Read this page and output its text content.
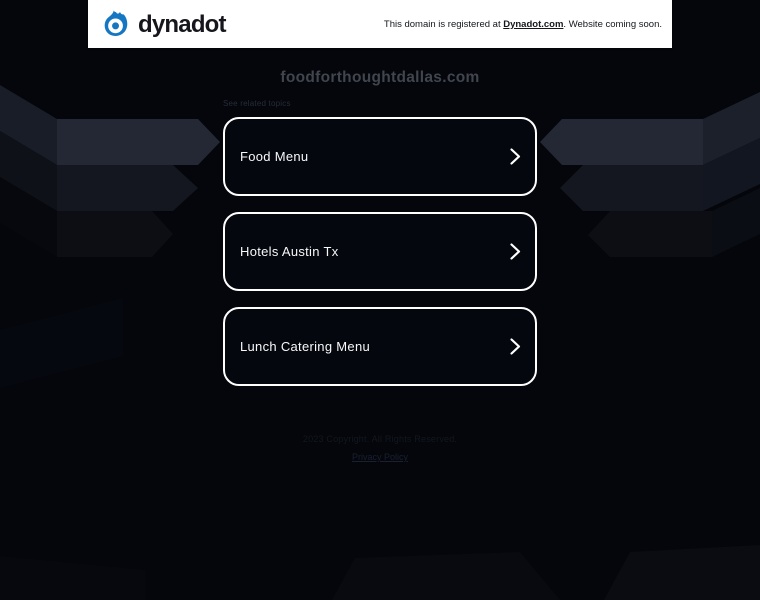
dynadot	This domain is registered at Dynadot.com. Website coming soon.
foodforthoughtdallas.com
See related topics
Food Menu
Hotels Austin Tx
Lunch Catering Menu
2023 Copyright. All Rights Reserved.
Privacy Policy
